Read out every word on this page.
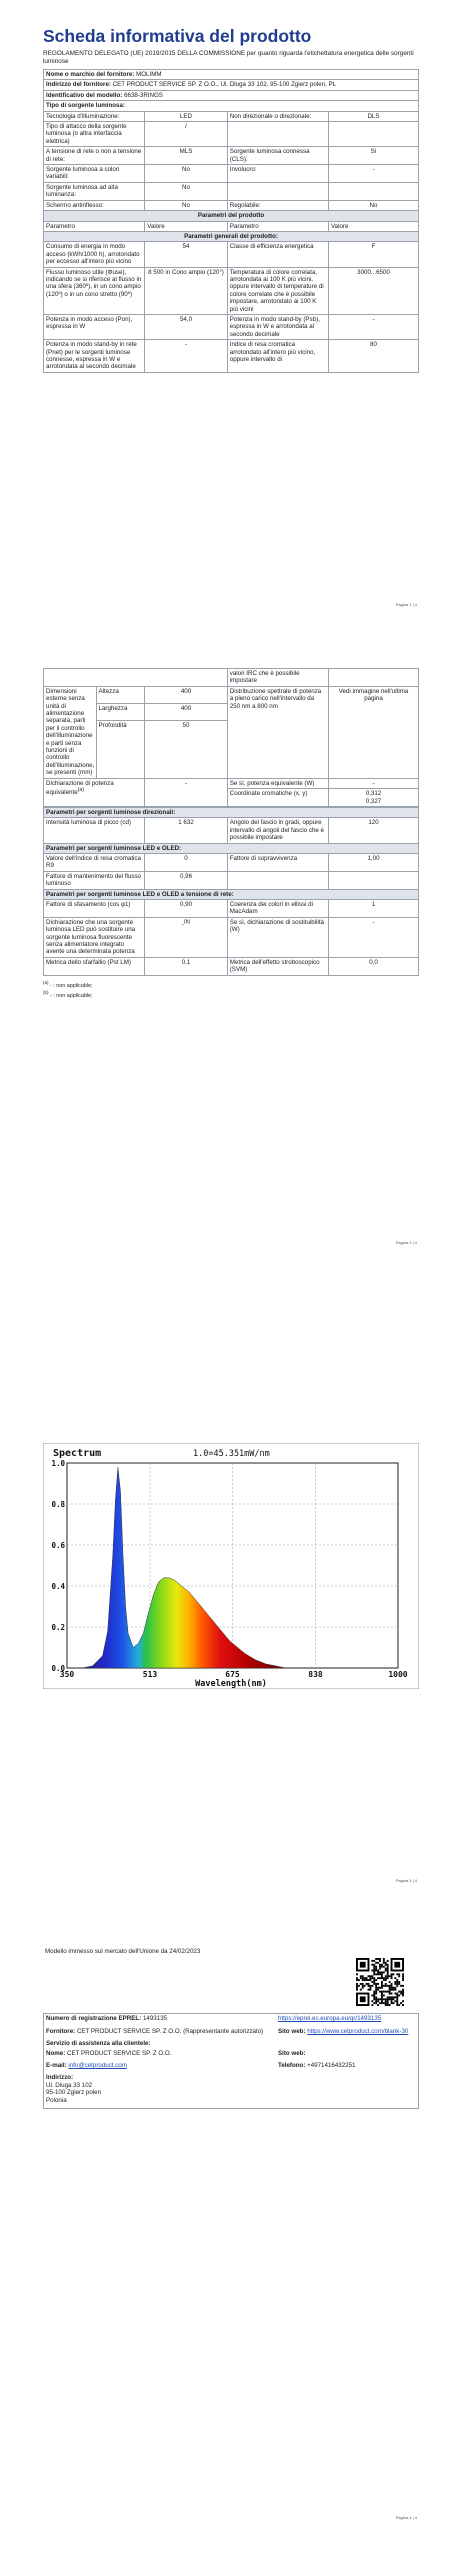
Scheda informativa del prodotto
REGOLAMENTO DELEGATO (UE) 2019/2015 DELLA COMMISSIONE per quanto riguarda l'etichettatura energetica delle sorgenti luminose
Nome o marchio del fornitore: MOLIMM			
Indirizzo del fornitore: CET PRODUCT SERVICE SP. Z O.O., Ul. Dluga 33 102, 95-100 Zgierz polen, PL			
Identificativo del modello: 6638-3RINGS			
Tipo di sorgente luminosa:			
Tecnologia d'illuminazione:	LED	Non direzionale o direzionale:	DLS
Tipo di attacco della sorgente luminosa (o altra interfaccia elettrica)	/		
A tensione di rete o non a tensione di rete:	MLS	Sorgente luminosa connessa (CLS):	Sì
Sorgente luminosa a colori variabili:	No	Involucro:	-
Sorgente luminosa ad alta luminanza:	No		
Schermo antiriflesso:	No	Regolabile:	No
Parametri del prodotto			
Parametro	Valore	Parametro	Valore
Parametri generali del prodotto:			
Consumo di energia in modo acceso (kWh/1000 h), arrotondato per eccesso all'intero più vicino	54	Classe di efficienza energetica	F
Flusso luminoso utile (Φuse), indicando se si riferisce al flusso in una sfera (360º), in un cono ampio (120º) o in un cono stretto (90º)	8 500 in Cono ampio (120°)	Temperatura di colore correlata, arrotondata ai 100 K più vicini, oppure intervallo di temperature di colore correlate che è possibile impostare, arrotondato ai 100 K più vicini	3000...6500
Potenza in modo acceso (Pon), espressa in W	54,0	Potenza in modo stand-by (Psb), espressa in W e arrotondata al secondo decimale	-
Potenza in modo stand-by in rete (Pnet) per le sorgenti luminose connesse, espressa in W e arrotondata al secondo decimale	-	Indice di resa cromatica arrotondato all'intero più vicino, oppure intervallo di	80
Pagina 1 | 4
			valori IRC che è possibile impostare	
Dimensioni esterne senza unità di alimentazione separata, parti per il controllo dell'illuminazione e parti senza funzioni di controllo dell'illuminazione, se presenti (mm)	Altezza	400	Distribuzione spettrale di potenza a pieno carico nell'intervallo da 250 nm a 800 nm	Vedi immagine nell'ultima pagina
	Larghezza	400		
	Profondità	50		
Dichiarazione di potenza equivalente$^{(a)}$		-	Se sì, potenza equivalente (W)	-
			Coordinate cromatiche (x, y)	0,312
0,327
Parametri per sorgenti luminose direzionali:			
Intensità luminosa di picco (cd)	1 632	Angolo del fascio in gradi, oppure intervallo di angoli del fascio che è possibile impostare	120
Parametri per sorgenti luminose LED e OLED:			
Valore dell'indice di resa cromatica R9	0	Fattore di sopravvivenza	1,00
Fattore di mantenimento del flusso luminoso	0,96		
Parametri per sorgenti luminose LED e OLED a tensione di rete:			
Fattore di sfasamento (cos φ1)	0,90	Coerenza dei colori in ellissi di MacAdam	1
Dichiarazione che una sorgente luminosa LED può sostituire una sorgente luminosa fluorescente senza alimentatore integrato avente una determinata potenza	-$^{(b)}$	Se sì, dichiarazione di sostituibilità (W)	-
Metrica dello sfarfallio (Pst LM)	0,1	Metrica dell'effetto stroboscopico (SVM)	0,0
$^{(a)}$ - : non applicable;
$^{(b)}$ - : non applicable;
Pagina 2 | 4
350	513	675	838	1000
1.0
0.8
0.6
0.4
0.2
0.0
Spectrum	1.0=45.351mW/nm
Wavelength(nm)
Pagina 3 | 4
Modello immesso sul mercato dell'Unione da 24/02/2023
Numero di registrazione EPREL: 1493135	https://eprel.ec.europa.eu/qr/1493135
Fornitore: CET PRODUCT SERVICE SP. Z O.O. (Rappresentante autorizzato)	Sito web: https://www.cetproduct.com/blank-30
Servizio di assistenza alla clientele:	
Nome: CET PRODUCT SERVICE SP. Z O.O.	Sito web:
E-mail: info@cetproduct.com	Telefono: +4971416432251

Indirizzo:
Ul. Dluga 33 102
95-100 Zgierz polen
Polonia	
Pagina 4 | 4
